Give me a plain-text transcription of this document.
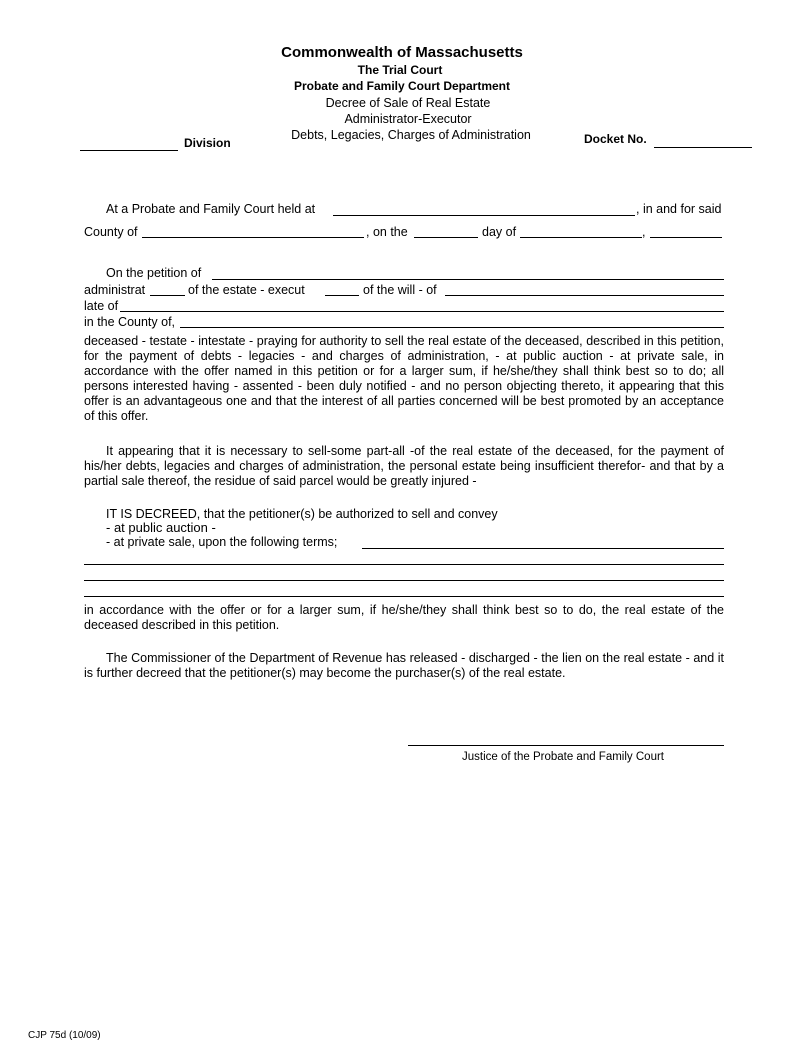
Commonwealth of Massachusetts
The Trial Court
Probate and Family Court Department
Decree of Sale of Real Estate
Administrator-Executor
Debts, Legacies, Charges of Administration
Division	Docket No.
At a Probate and Family Court held at	, in and for said
County of	, on the	day of	,
On the petition of
administrat	of the estate - execut	of the will - of
late of
in the County of,

deceased - testate - intestate - praying for authority to sell the real estate of the deceased, described in this petition, for the payment of debts - legacies - and charges of administration, - at public auction - at private sale, in accordance with the offer named in this petition or for a larger sum, if he/she/they shall think best so to do; all persons interested having - assented - been duly notified - and no person objecting thereto, it appearing that this offer is an advantageous one and that the interest of all parties concerned will be best promoted by an acceptance of this offer.

It appearing that it is necessary to sell-some part-all -of the real estate of the deceased, for the payment of his/her debts, legacies and charges of administration, the personal estate being insufficient therefor- and that by a partial sale thereof, the residue of said parcel would be greatly injured -

IT IS DECREED, that the petitioner(s) be authorized to sell and convey
- at public auction -
- at private sale, upon the following terms;

in accordance with the offer or for a larger sum, if he/she/they shall think best so to do, the real estate of the deceased described in this petition.

The Commissioner of the Department of Revenue has released - discharged - the lien on the real estate - and it is further decreed that the petitioner(s) may become the purchaser(s) of the real estate.

Justice of the Probate and Family Court
CJP 75d (10/09)
